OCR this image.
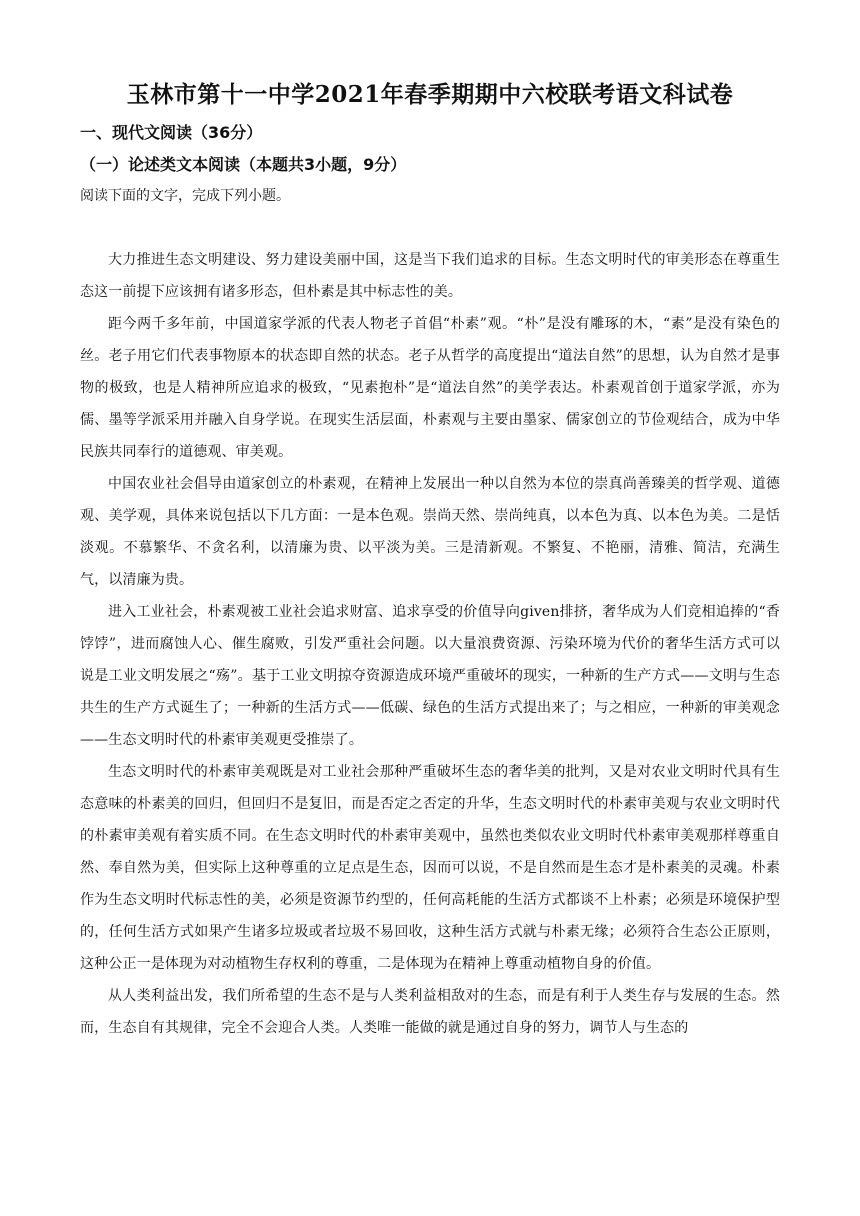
玉林市第十一中学2021年春季期期中六校联考语文科试卷
一、现代文阅读（36分）
（一）论述类文本阅读（本题共3小题，9分）
阅读下面的文字，完成下列小题。

大力推进生态文明建设、努力建设美丽中国，这是当下我们追求的目标。生态文明时代的审美形态在尊重生态这一前提下应该拥有诸多形态，但朴素是其中标志性的美。

距今两千多年前，中国道家学派的代表人物老子首倡“朴素”观。“朴”是没有雕琢的木，“素”是没有染色的丝。老子用它们代表事物原本的状态即自然的状态。老子从哲学的高度提出“道法自然”的思想，认为自然才是事物的极致，也是人精神所应追求的极致，“见素抱朴”是“道法自然”的美学表达。朴素观首创于道家学派，亦为儒、墨等学派采用并融入自身学说。在现实生活层面，朴素观与主要由墨家、儒家创立的节俭观结合，成为中华民族共同奉行的道德观、审美观。

中国农业社会倡导由道家创立的朴素观，在精神上发展出一种以自然为本位的崇真尚善臻美的哲学观、道德观、美学观，具体来说包括以下几方面：一是本色观。崇尚天然、崇尚纯真，以本色为真、以本色为美。二是恬淡观。不慕繁华、不贪名利，以清廉为贵、以平淡为美。三是清新观。不繁复、不艳丽，清雅、简洁，充满生气，以清廉为贵。

进入工业社会，朴素观被工业社会追求财富、追求享受的价值导向given排挤，奢华成为人们竞相追捧的“香饽饽”，进而腐蚀人心、催生腐败，引发严重社会问题。以大量浪费资源、污染环境为代价的奢华生活方式可以说是工业文明发展之“殇”。基于工业文明掠夺资源造成环境严重破坏的现实，一种新的生产方式——文明与生态共生的生产方式诞生了；一种新的生活方式——低碳、绿色的生活方式提出来了；与之相应，一种新的审美观念——生态文明时代的朴素审美观更受推崇了。

生态文明时代的朴素审美观既是对工业社会那种严重破坏生态的奢华美的批判，又是对农业文明时代具有生态意味的朴素美的回归，但回归不是复旧，而是否定之否定的升华，生态文明时代的朴素审美观与农业文明时代的朴素审美观有着实质不同。在生态文明时代的朴素审美观中，虽然也类似农业文明时代朴素审美观那样尊重自然、奉自然为美，但实际上这种尊重的立足点是生态，因而可以说，不是自然而是生态才是朴素美的灵魂。朴素作为生态文明时代标志性的美，必须是资源节约型的，任何高耗能的生活方式都谈不上朴素；必须是环境保护型的，任何生活方式如果产生诸多垃圾或者垃圾不易回收，这种生活方式就与朴素无缘；必须符合生态公正原则，这种公正一是体现为对动植物生存权利的尊重，二是体现为在精神上尊重动植物自身的价值。

从人类利益出发，我们所希望的生态不是与人类利益相敌对的生态，而是有利于人类生存与发展的生态。然而，生态自有其规律，完全不会迎合人类。人类唯一能做的就是通过自身的努力，调节人与生态的
